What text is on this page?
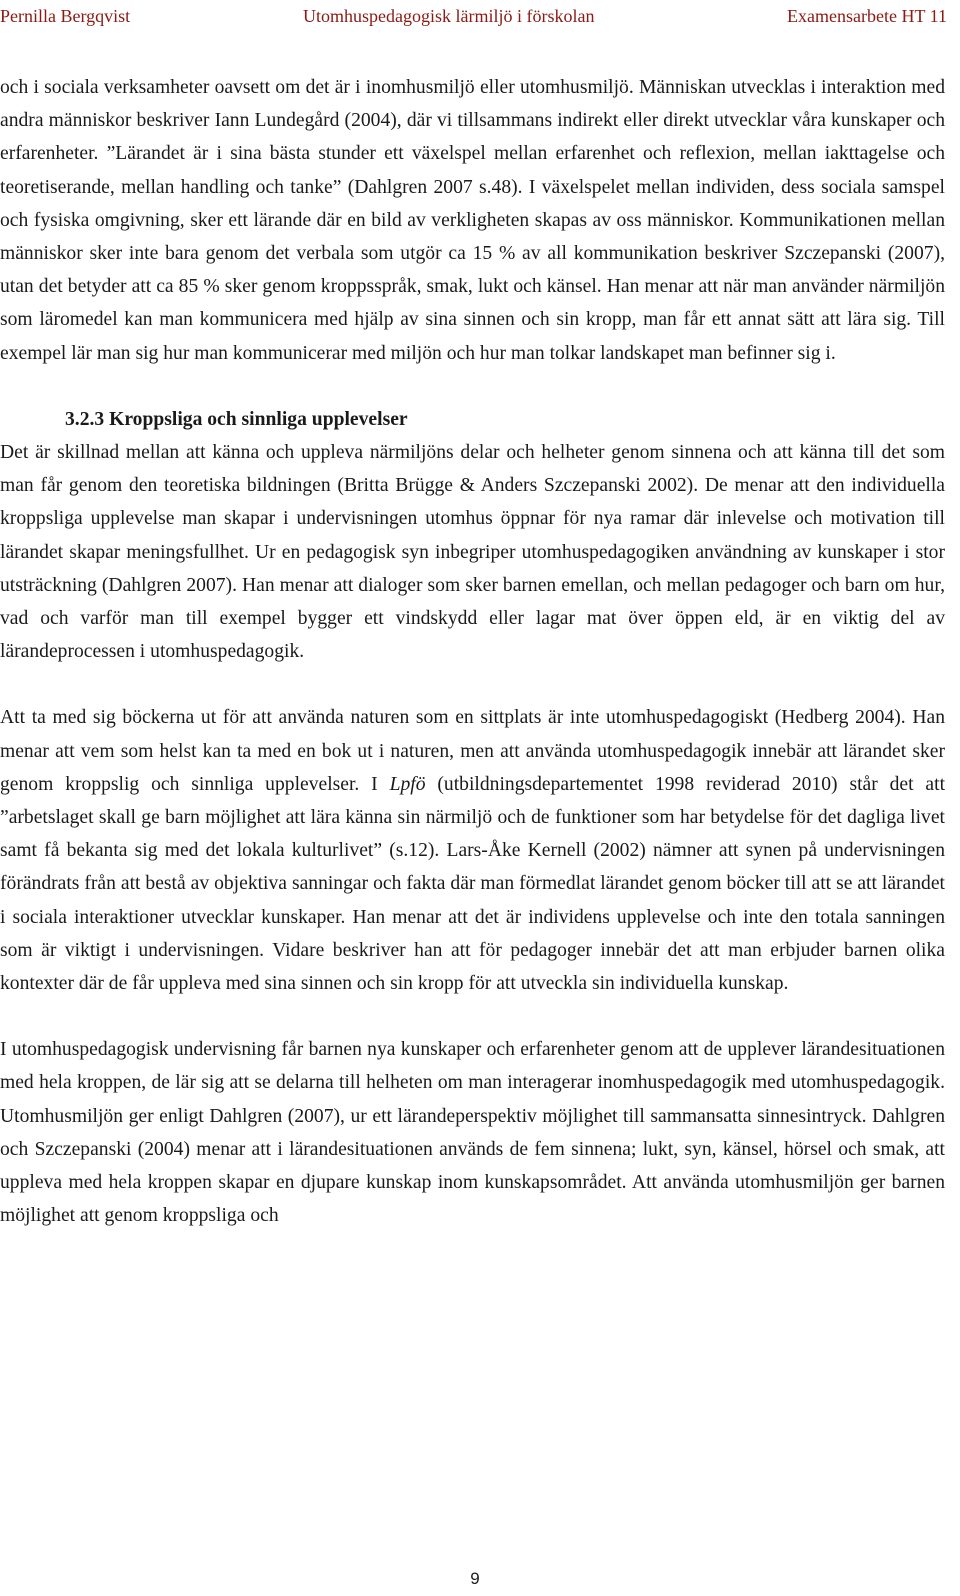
Pernilla Bergqvist	Utomhuspedagogisk lärmiljö i förskolan	Examensarbete HT 11

och i sociala verksamheter oavsett om det är i inomhusmiljö eller utomhusmiljö. Människan utvecklas i interaktion med andra människor beskriver Iann Lundegård (2004), där vi tillsammans indirekt eller direkt utvecklar våra kunskaper och erfarenheter. ”Lärandet är i sina bästa stunder ett växelspel mellan erfarenhet och reflexion, mellan iakttagelse och teoretiserande, mellan handling och tanke” (Dahlgren 2007 s.48). I växelspelet mellan individen, dess sociala samspel och fysiska omgivning, sker ett lärande där en bild av verkligheten skapas av oss människor. Kommunikationen mellan människor sker inte bara genom det verbala som utgör ca 15 % av all kommunikation beskriver Szczepanski (2007), utan det betyder att ca 85 % sker genom kroppsspråk, smak, lukt och känsel. Han menar att när man använder närmiljön som läromedel kan man kommunicera med hjälp av sina sinnen och sin kropp, man får ett annat sätt att lära sig. Till exempel lär man sig hur man kommunicerar med miljön och hur man tolkar landskapet man befinner sig i.

3.2.3 Kroppsliga och sinnliga upplevelser

Det är skillnad mellan att känna och uppleva närmiljöns delar och helheter genom sinnena och att känna till det som man får genom den teoretiska bildningen (Britta Brügge & Anders Szczepanski 2002). De menar att den individuella kroppsliga upplevelse man skapar i undervisningen utomhus öppnar för nya ramar där inlevelse och motivation till lärandet skapar meningsfullhet. Ur en pedagogisk syn inbegriper utomhuspedagogiken användning av kunskaper i stor utsträckning (Dahlgren 2007). Han menar att dialoger som sker barnen emellan, och mellan pedagoger och barn om hur, vad och varför man till exempel bygger ett vindskydd eller lagar mat över öppen eld, är en viktig del av lärandeprocessen i utomhuspedagogik.

Att ta med sig böckerna ut för att använda naturen som en sittplats är inte utomhuspedagogiskt (Hedberg 2004). Han menar att vem som helst kan ta med en bok ut i naturen, men att använda utomhuspedagogik innebär att lärandet sker genom kroppslig och sinnliga upplevelser. I Lpfö (utbildningsdepartementet 1998 reviderad 2010) står det att ”arbetslaget skall ge barn möjlighet att lära känna sin närmiljö och de funktioner som har betydelse för det dagliga livet samt få bekanta sig med det lokala kulturlivet” (s.12). Lars-Åke Kernell (2002) nämner att synen på undervisningen förändrats från att bestå av objektiva sanningar och fakta där man förmedlat lärandet genom böcker till att se att lärandet i sociala interaktioner utvecklar kunskaper. Han menar att det är individens upplevelse och inte den totala sanningen som är viktigt i undervisningen. Vidare beskriver han att för pedagoger innebär det att man erbjuder barnen olika kontexter där de får uppleva med sina sinnen och sin kropp för att utveckla sin individuella kunskap.

I utomhuspedagogisk undervisning får barnen nya kunskaper och erfarenheter genom att de upplever lärandesituationen med hela kroppen, de lär sig att se delarna till helheten om man interagerar inomhuspedagogik med utomhuspedagogik. Utomhusmiljön ger enligt Dahlgren (2007), ur ett lärandeperspektiv möjlighet till sammansatta sinnesintryck. Dahlgren och Szczepanski (2004) menar att i lärandesituationen används de fem sinnena; lukt, syn, känsel, hörsel och smak, att uppleva med hela kroppen skapar en djupare kunskap inom kunskapsområdet. Att använda utomhusmiljön ger barnen möjlighet att genom kroppsliga och

9
